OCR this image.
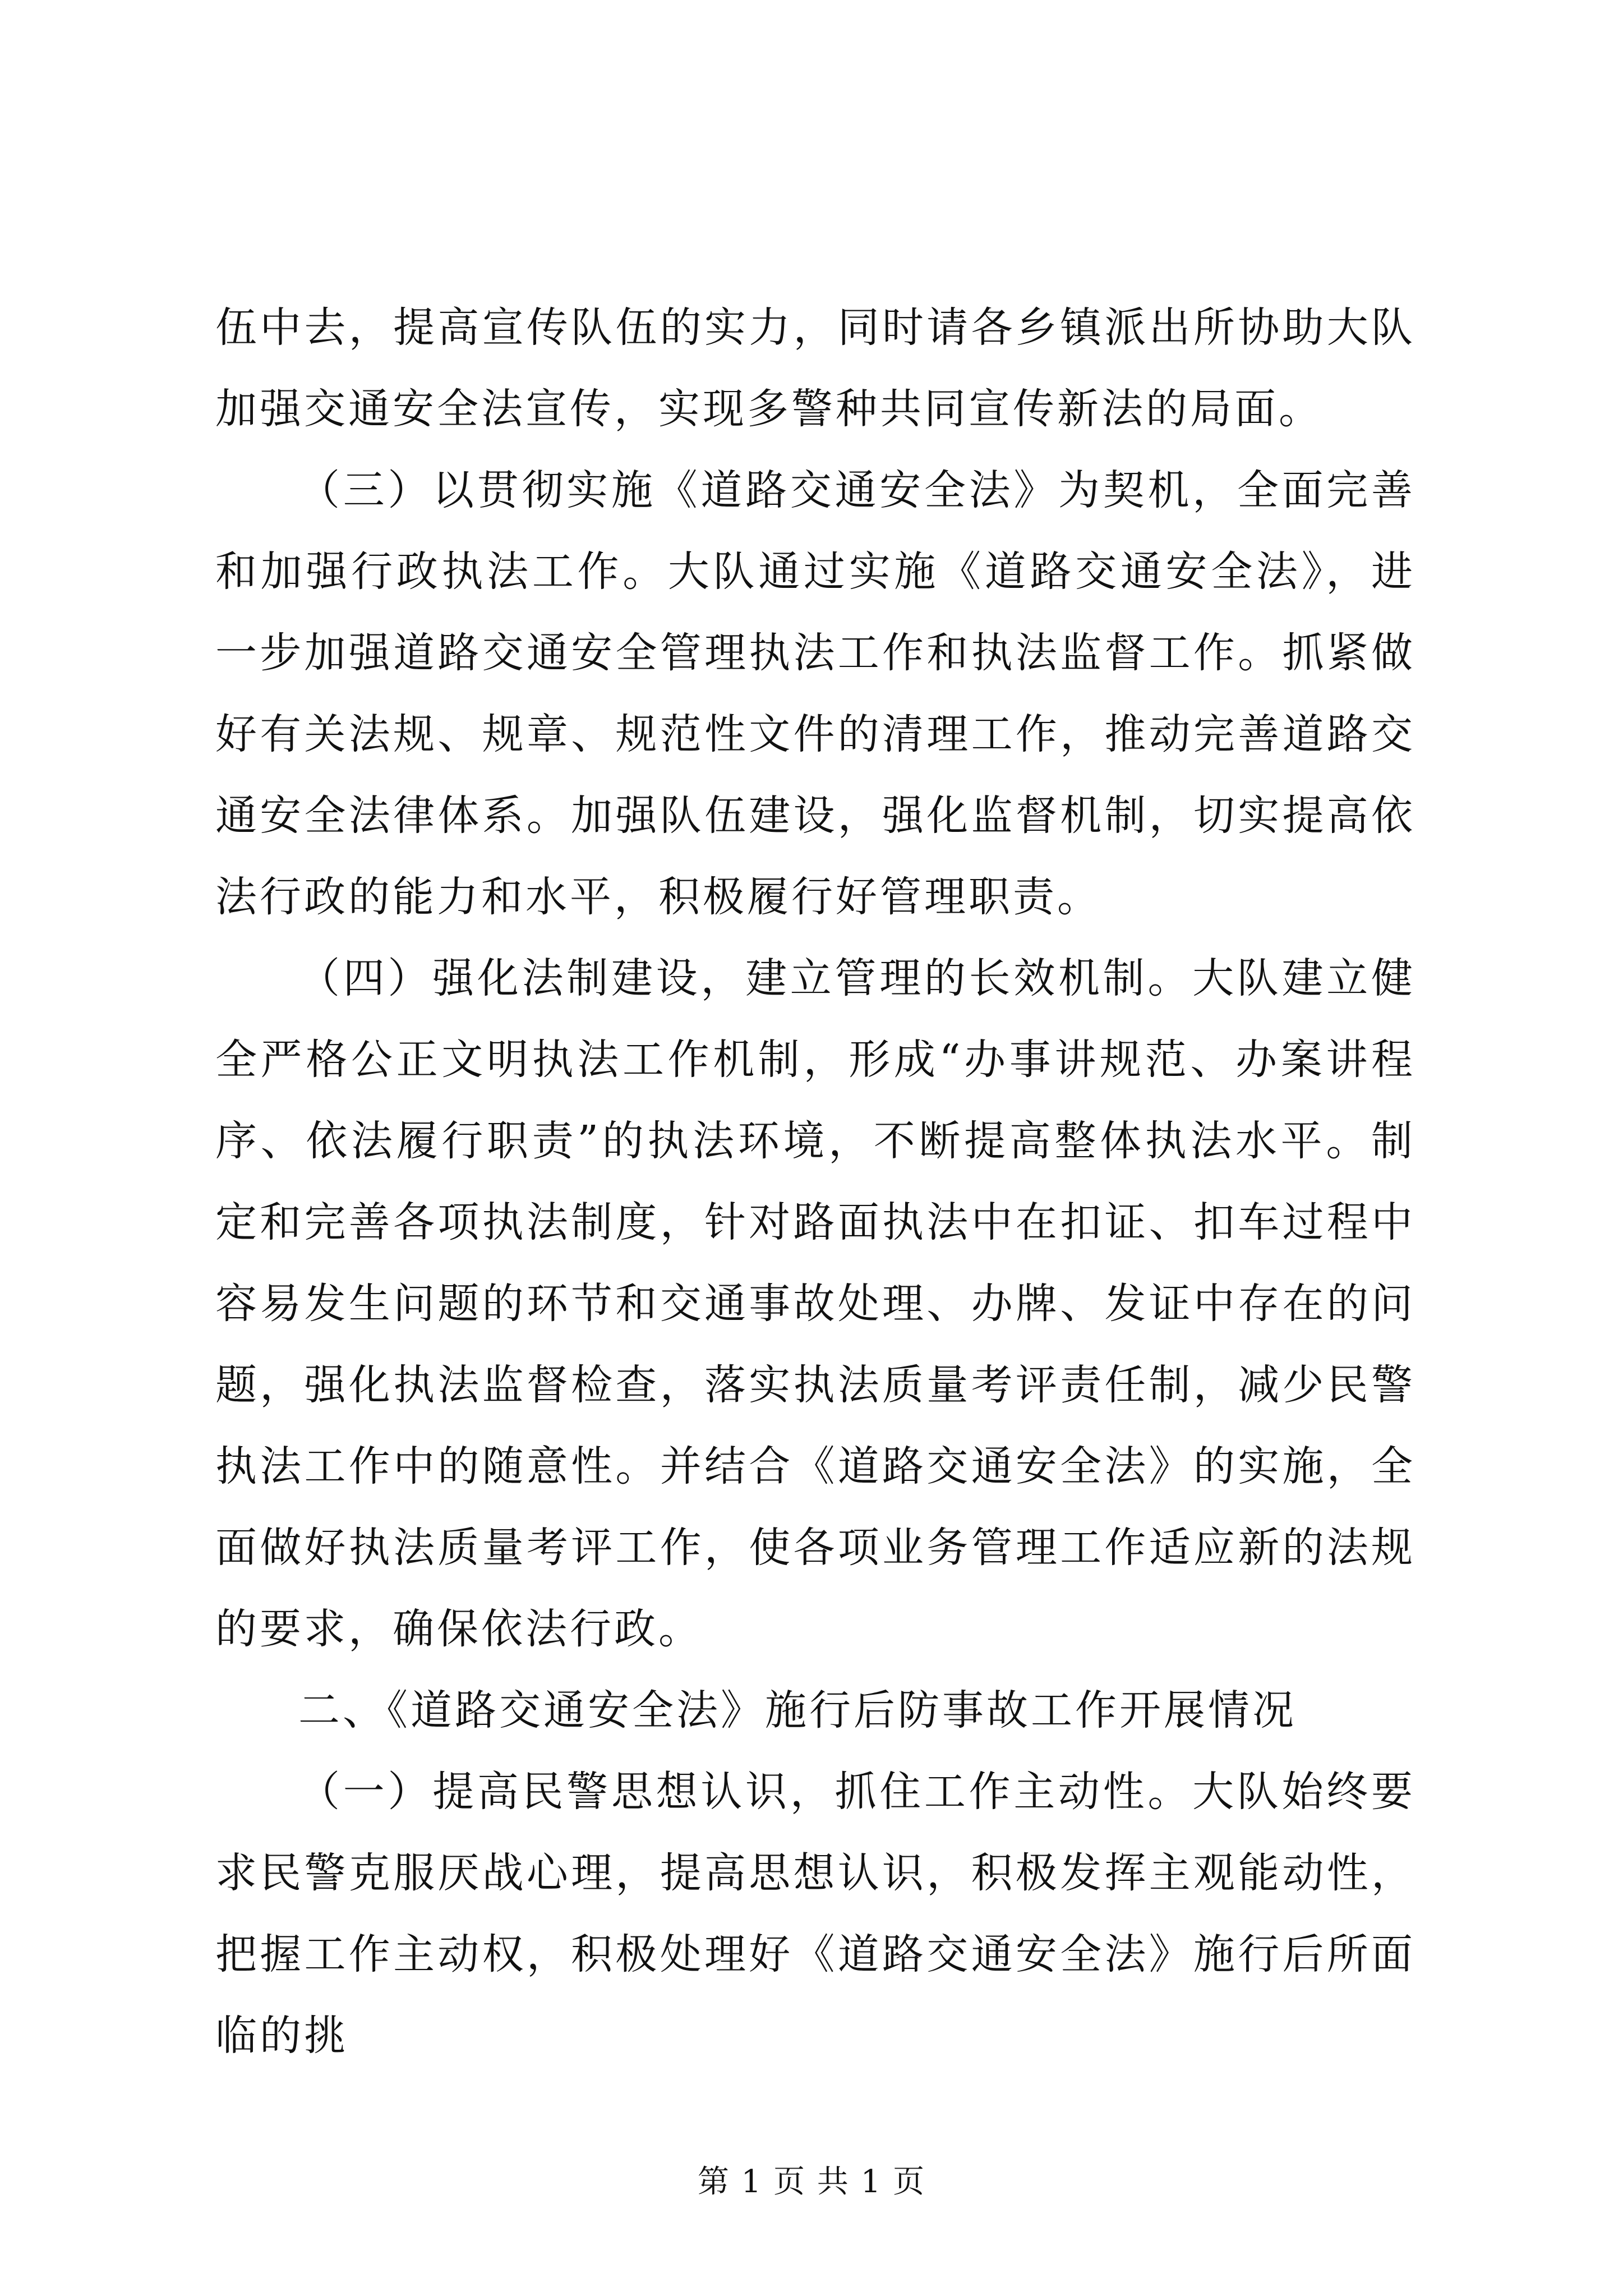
伍中去，提高宣传队伍的实力，同时请各乡镇派出所协助大队加强交通安全法宣传，实现多警种共同宣传新法的局面。

（三）以贯彻实施《道路交通安全法》为契机，全面完善和加强行政执法工作。大队通过实施《道路交通安全法》，进一步加强道路交通安全管理执法工作和执法监督工作。抓紧做好有关法规、规章、规范性文件的清理工作，推动完善道路交通安全法律体系。加强队伍建设，强化监督机制，切实提高依法行政的能力和水平，积极履行好管理职责。

（四）强化法制建设，建立管理的长效机制。大队建立健全严格公正文明执法工作机制，形成“办事讲规范、办案讲程序、依法履行职责”的执法环境，不断提高整体执法水平。制定和完善各项执法制度，针对路面执法中在扣证、扣车过程中容易发生问题的环节和交通事故处理、办牌、发证中存在的问题，强化执法监督检查，落实执法质量考评责任制，减少民警执法工作中的随意性。并结合《道路交通安全法》的实施，全面做好执法质量考评工作，使各项业务管理工作适应新的法规的要求，确保依法行政。

二、《道路交通安全法》施行后防事故工作开展情况

（一）提高民警思想认识，抓住工作主动性。大队始终要求民警克服厌战心理，提高思想认识，积极发挥主观能动性，把握工作主动权，积极处理好《道路交通安全法》施行后所面临的挑

第 1 页 共 1 页
